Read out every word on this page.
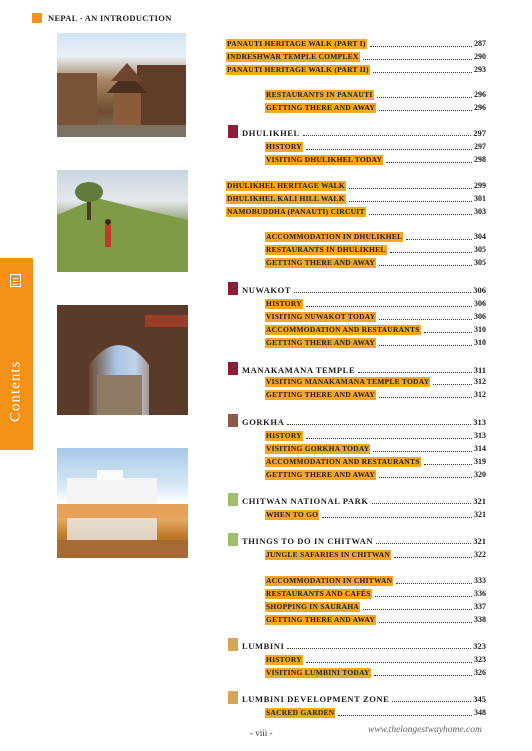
NEPAL - AN INTRODUCTION
Contents
PANAUTI HERITAGE WALK (PART I)	287
INDRESHWAR TEMPLE COMPLEX	290
PANAUTI HERITAGE WALK (PART II)	293
RESTAURANTS IN PANAUTI	296
GETTING THERE AND AWAY	296
DHULIKHEL	297
HISTORY	297
VISITING DHULIKHEL TODAY	298
DHULIKHEL HERITAGE WALK	299
DHULIKHEL KALI HILL WALK	301
NAMOBUDDHA (PANAUTI) CIRCUIT	303
ACCOMMODATION IN DHULIKHEL	304
RESTAURANTS IN DHULIKHEL	305
GETTING THERE AND AWAY	305
NUWAKOT	306
HISTORY	306
VISITING NUWAKOT TODAY	306
ACCOMMODATION AND RESTAURANTS	310
GETTING THERE AND AWAY	310
MANAKAMANA TEMPLE	311
VISITING MANAKAMANA TEMPLE TODAY	312
GETTING THERE AND AWAY	312
GORKHA	313
HISTORY	313
VISITING GORKHA TODAY	314
ACCOMMODATION AND RESTAURANTS	319
GETTING THERE AND AWAY	320
CHITWAN NATIONAL PARK	321
WHEN TO GO	321
THINGS TO DO IN CHITWAN	321
JUNGLE SAFARIES IN CHITWAN	322
ACCOMMODATION IN CHITWAN	333
RESTAURANTS AND CAFÉS	336
SHOPPING IN SAURAHA	337
GETTING THERE AND AWAY	338
LUMBINI	323
HISTORY	323
VISITING LUMBINI TODAY	326
LUMBINI DEVELOPMENT ZONE	345
SACRED GARDEN	348
- viii -	www.thelongestwayhome.com
